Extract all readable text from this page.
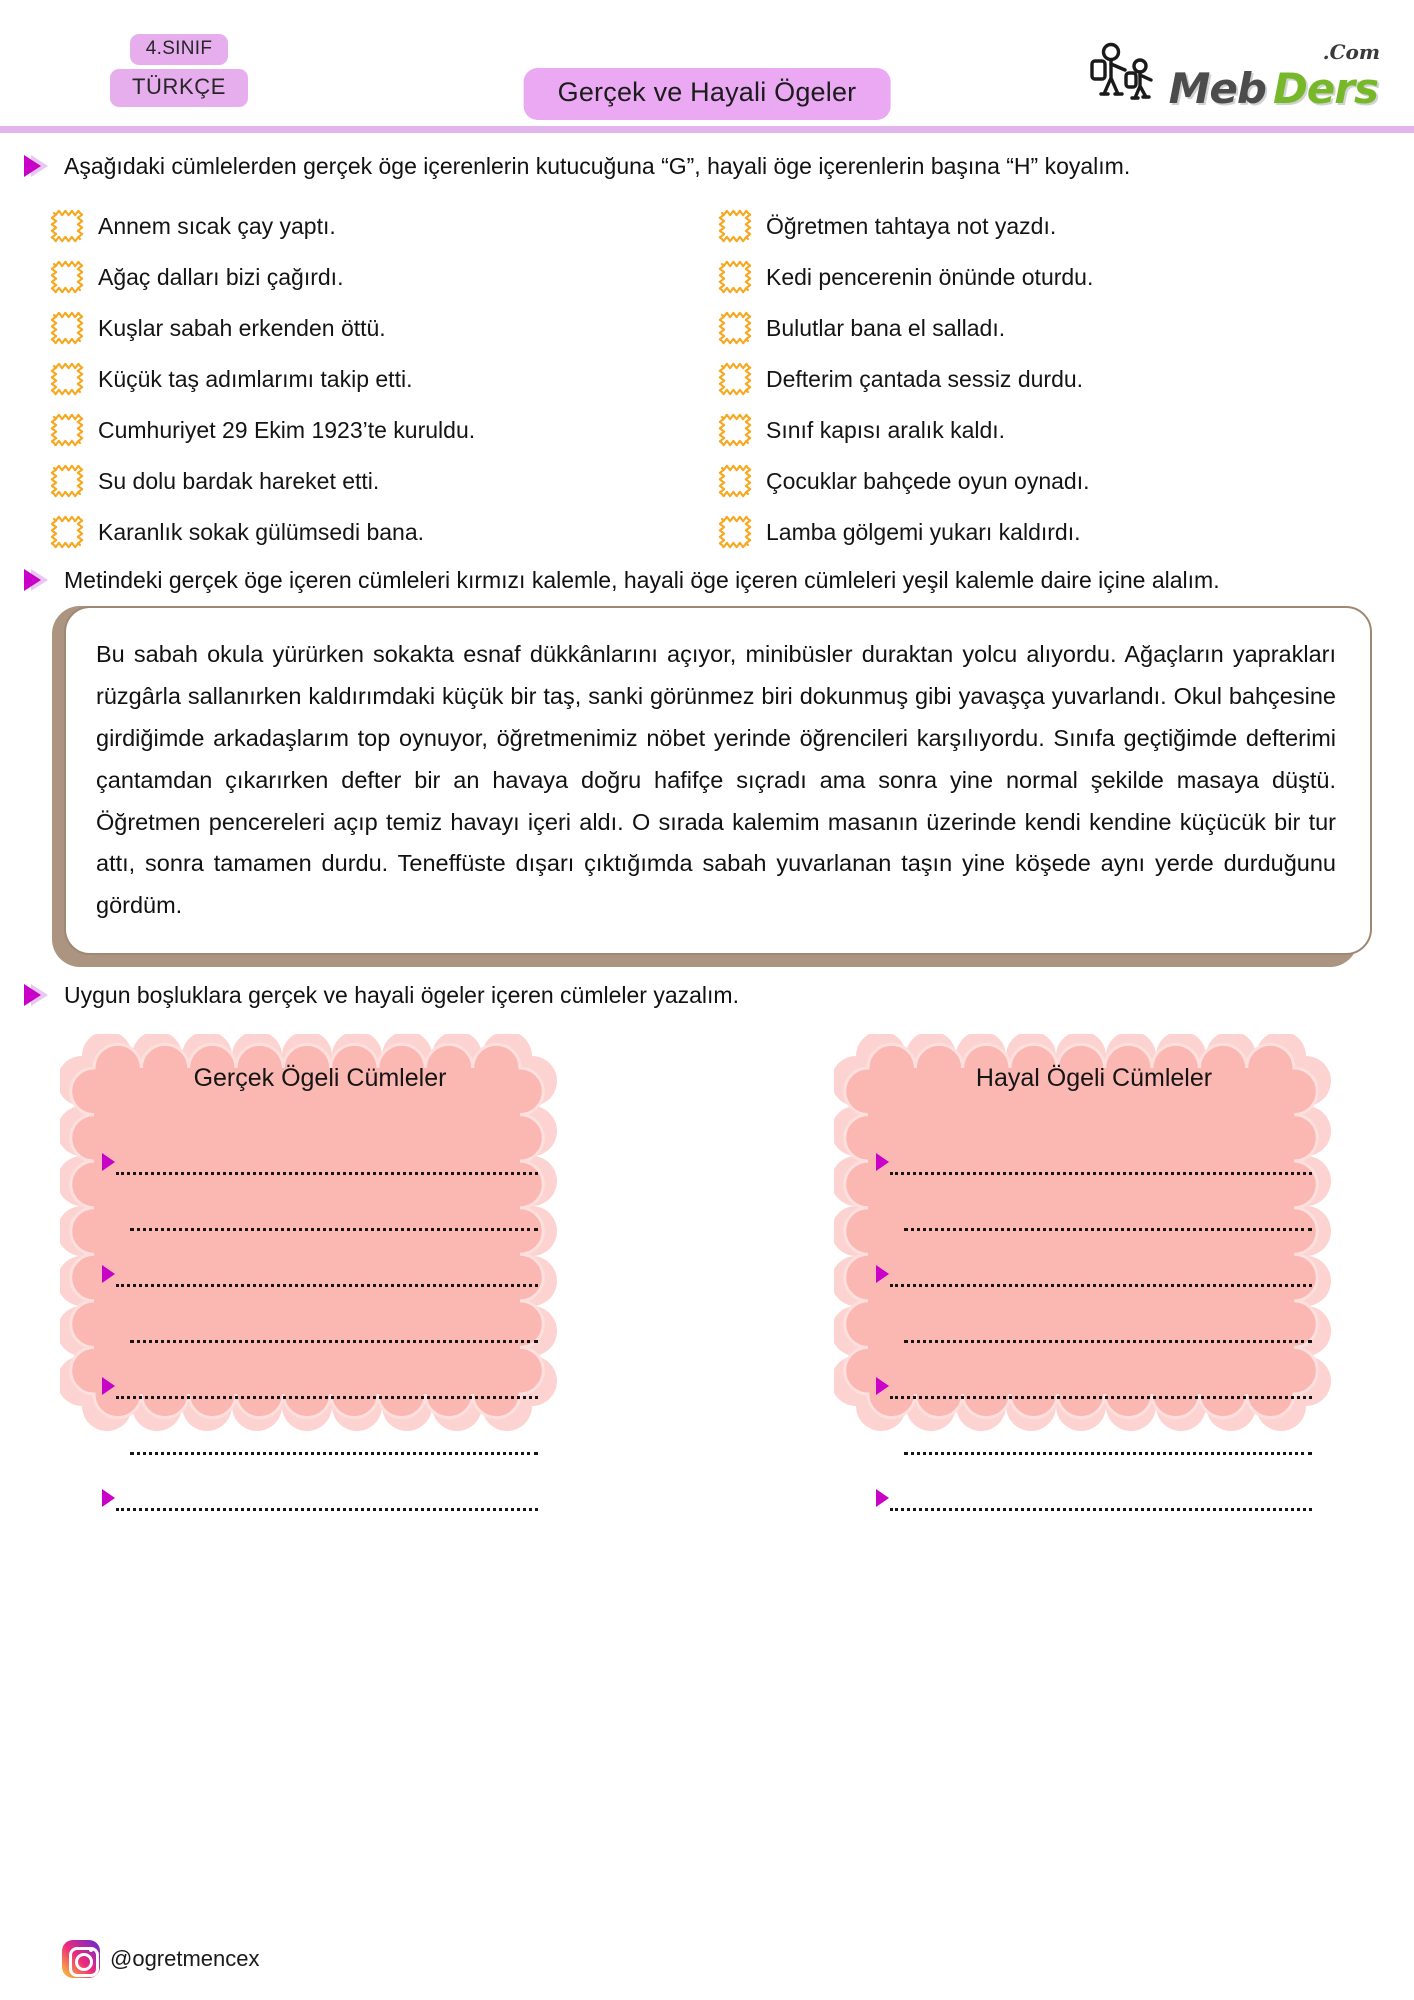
4.SINIF
TÜRKÇE	Gerçek ve Hayali Ögeler	Meb Ders
.Com
Aşağıdaki cümlelerden gerçek öge içerenlerin kutucuğuna “G”, hayali öge içerenlerin başına “H” koyalım.
Annem sıcak çay yaptı.	Öğretmen tahtaya not yazdı.
Ağaç dalları bizi çağırdı.	Kedi pencerenin önünde oturdu.
Kuşlar sabah erkenden öttü.	Bulutlar bana el salladı.
Küçük taş adımlarımı takip etti.	Defterim çantada sessiz durdu.
Cumhuriyet 29 Ekim 1923’te kuruldu.	Sınıf kapısı aralık kaldı.
Su dolu bardak hareket etti.	Çocuklar bahçede oyun oynadı.
Karanlık sokak gülümsedi bana.	Lamba gölgemi yukarı kaldırdı.
Metindeki gerçek öge içeren cümleleri kırmızı kalemle, hayali öge içeren cümleleri yeşil kalemle daire içine alalım.

Bu sabah okula yürürken sokakta esnaf dükkânlarını açıyor, minibüsler duraktan yolcu alıyordu. Ağaçların yaprakları rüzgârla sallanırken kaldırımdaki küçük bir taş, sanki görünmez biri dokunmuş gibi yavaşça yuvarlandı. Okul bahçesine girdiğimde arkadaşlarım top oynuyor, öğretmenimiz nöbet yerinde öğrencileri karşılıyordu. Sınıfa geçtiğimde defterimi çantamdan çıkarırken defter bir an havaya doğru hafifçe sıçradı ama sonra yine normal şekilde masaya düştü. Öğretmen pencereleri açıp temiz havayı içeri aldı. O sırada kalemim masanın üzerinde kendi kendine küçücük bir tur attı, sonra tamamen durdu. Teneffüste dışarı çıktığımda sabah yuvarlanan taşın yine köşede aynı yerde durduğunu gördüm.

Uygun boşluklara gerçek ve hayali ögeler içeren cümleler yazalım.
Gerçek Ögeli Cümleler	Hayal Ögeli Cümleler
@ogretmencex
